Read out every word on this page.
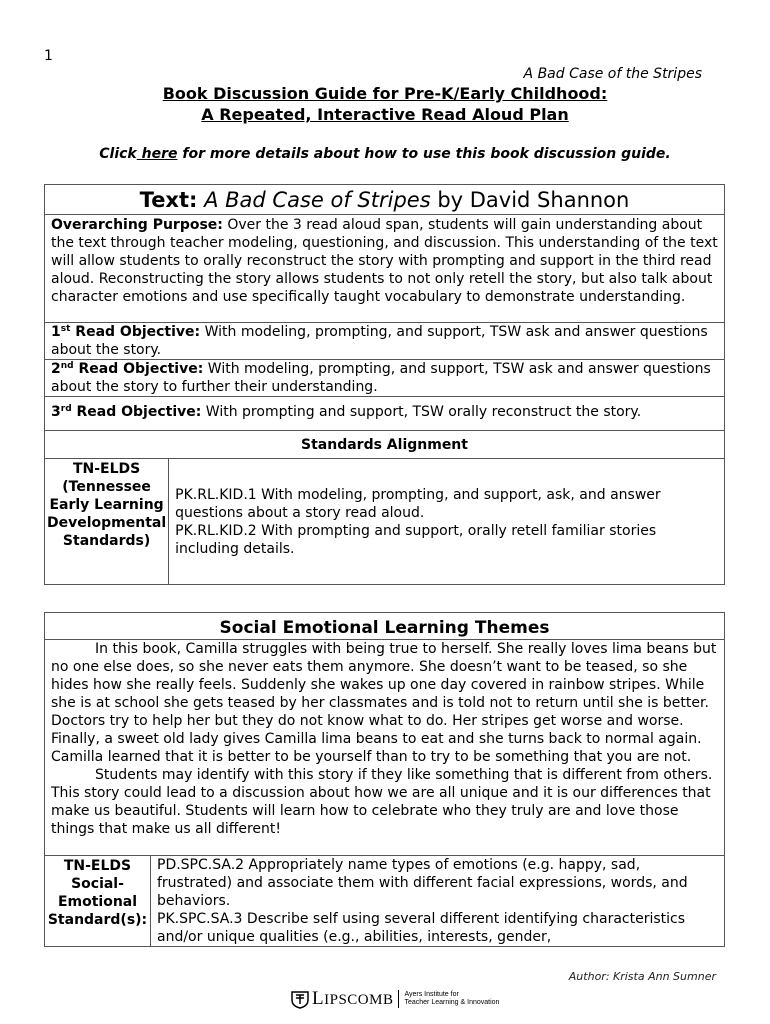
1
A Bad Case of the Stripes
Book Discussion Guide for Pre-K/Early Childhood:
A Repeated, Interactive Read Aloud Plan
Click here for more details about how to use this book discussion guide.
Text: A Bad Case of Stripes by David Shannon
Overarching Purpose: Over the 3 read aloud span, students will gain understanding about the text through teacher modeling, questioning, and discussion. This understanding of the text will allow students to orally reconstruct the story with prompting and support in the third read aloud. Reconstructing the story allows students to not only retell the story, but also talk about character emotions and use specifically taught vocabulary to demonstrate understanding.
1st Read Objective: With modeling, prompting, and support, TSW ask and answer questions about the story.
2nd Read Objective: With modeling, prompting, and support, TSW ask and answer questions about the story to further their understanding.
3rd Read Objective: With prompting and support, TSW orally reconstruct the story.
Standards Alignment
TN-ELDS (Tennessee Early Learning Developmental Standards)	
PK.RL.KID.1 With modeling, prompting, and support, ask, and answer questions about a story read aloud.
PK.RL.KID.2 With prompting and support, orally retell familiar stories including details.
Social Emotional Learning Themes

In this book, Camilla struggles with being true to herself. She really loves lima beans but no one else does, so she never eats them anymore. She doesn’t want to be teased, so she hides how she really feels. Suddenly she wakes up one day covered in rainbow stripes. While she is at school she gets teased by her classmates and is told not to return until she is better. Doctors try to help her but they do not know what to do. Her stripes get worse and worse. Finally, a sweet old lady gives Camilla lima beans to eat and she turns back to normal again. Camilla learned that it is better to be yourself than to try to be something that you are not.

Students may identify with this story if they like something that is different from others. This story could lead to a discussion about how we are all unique and it is our differences that make us beautiful. Students will learn how to celebrate who they truly are and love those things that make us all different!

TN-ELDS Social-Emotional Standard(s):	
PD.SPC.SA.2 Appropriately name types of emotions (e.g. happy, sad, frustrated) and associate them with different facial expressions, words, and behaviors.
PK.SPC.SA.3 Describe self using several different identifying characteristics and/or unique qualities (e.g., abilities, interests, gender,
Author: Krista Ann Sumner
LIPSCOMB Ayers Institute for
Teacher Learning & Innovation
